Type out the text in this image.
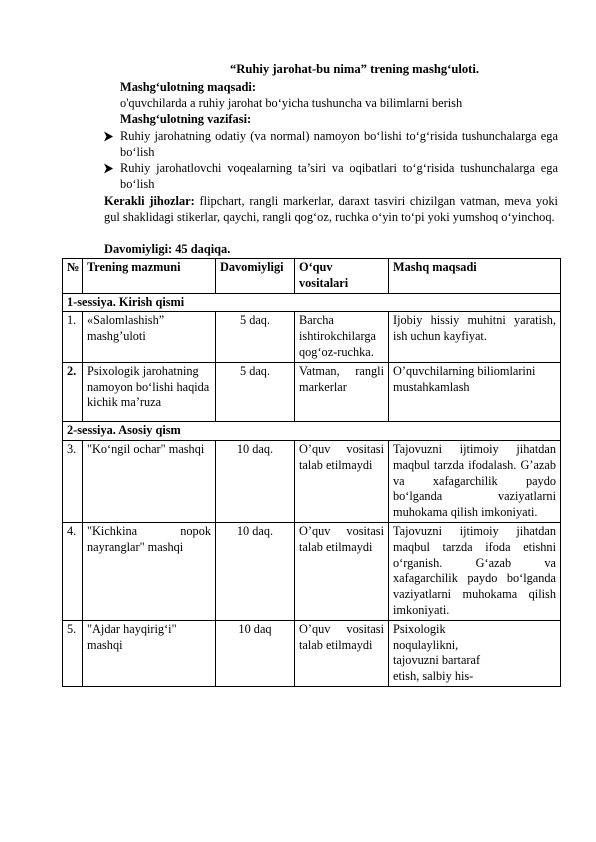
“Ruhiy jarohat-bu nima” trening mashg‘uloti.

Mashg‘ulotning maqsadi:

o'quvchilarda a ruhiy jarohat bo‘yicha tushuncha va bilimlarni berish

Mashg‘ulotning vazifasi:

Ruhiy jarohatning odatiy (va normal) namoyon bo‘lishi to‘g‘risida tushunchalarga ega bo‘lish
Ruhiy jarohatlovchi voqealarning ta’siri va oqibatlari to‘g‘risida tushunchalarga ega bo‘lish

Kerakli jihozlar: flipchart, rangli markerlar, daraxt tasviri chizilgan vatman, meva yoki gul shaklidagi stikerlar, qaychi, rangli qog‘oz, ruchka o‘yin to‘pi yoki yumshoq o‘yinchoq.

Davomiyligi: 45 daqiqa.

№	Trening mazmuni	Davomiyligi	O‘quv vositalari	Mashq maqsadi
1-sessiya. Kirish qismi				
1.	«Salomlashish” mashg’uloti	5 daq.	Barcha ishtirokchilarga qog‘oz-ruchka.	Ijobiy hissiy muhitni yaratish, ish uchun kayfiyat.
2.	Psixologik jarohatning namoyon bo‘lishi haqida kichik ma’ruza	5 daq.	Vatman, rangli markerlar	O’quvchilarning biliomlarini mustahkamlash
2-sessiya. Asosiy qism				
3.	"Ko‘ngil ochar" mashqi	10 daq.	O’quv vositasi talab etilmaydi	Tajovuzni ijtimoiy jihatdan maqbul tarzda ifodalash. G’azab va xafagarchilik paydo bo‘lganda vaziyatlarni muhokama qilish imkoniyati.
4.	"Kichkina nopok nayranglar" mashqi	10 daq.	O’quv vositasi talab etilmaydi	Tajovuzni ijtimoiy jihatdan maqbul tarzda ifoda etishni o‘rganish. G‘azab va xafagarchilik paydo bo‘lganda vaziyatlarni muhokama qilish imkoniyati.
5.	"Ajdar hayqirig‘i" mashqi	10 daq	O’quv vositasi talab etilmaydi	Psixologik noqulaylikni, tajovuzni bartaraf etish, salbiy his-
